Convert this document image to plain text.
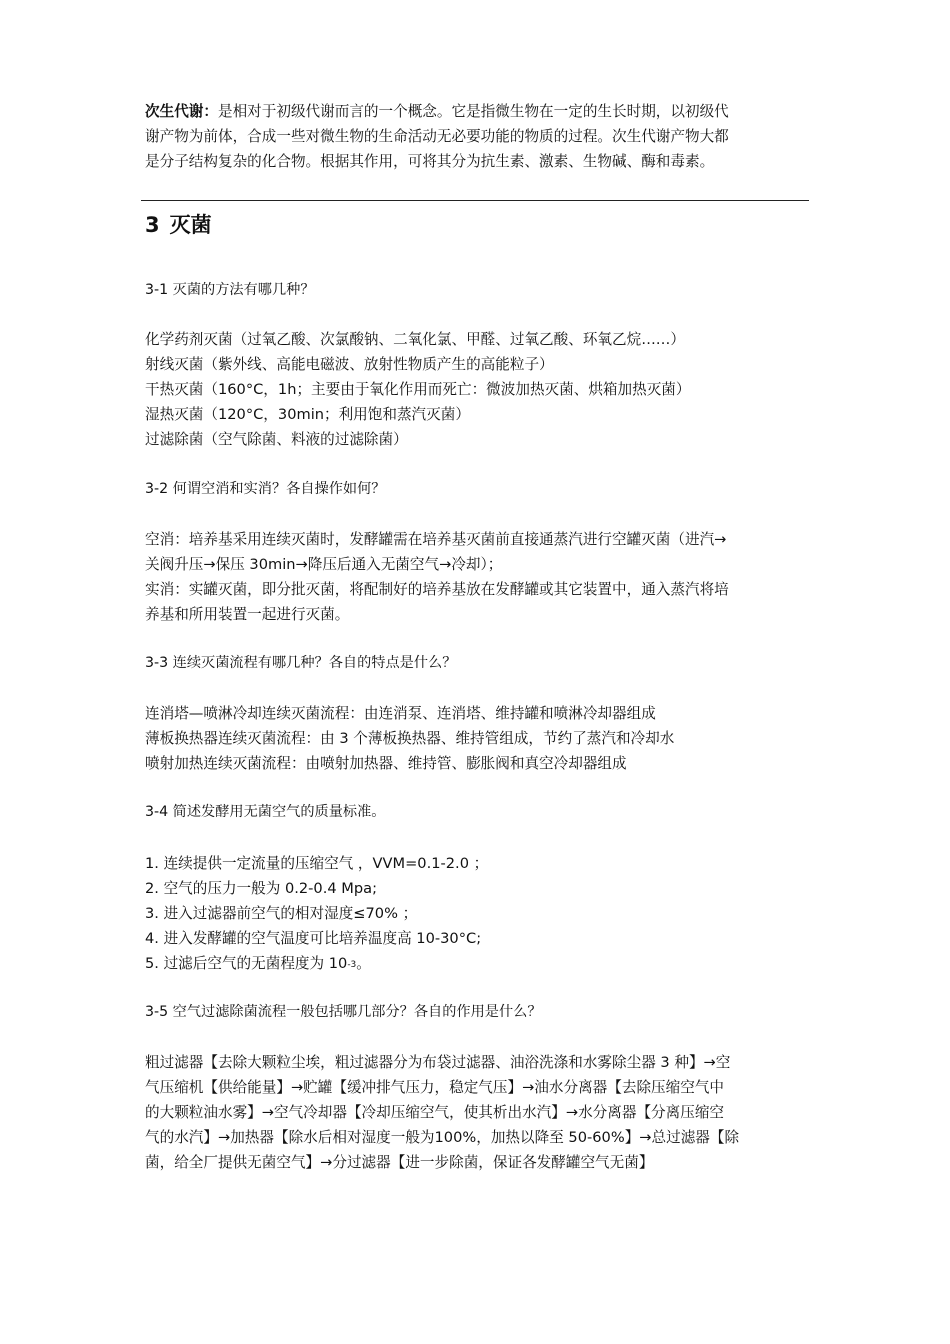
次生代谢：是相对于初级代谢而言的一个概念。它是指微生物在一定的生长时期，以初级代
谢产物为前体，合成一些对微生物的生命活动无必要功能的物质的过程。次生代谢产物大都
是分子结构复杂的化合物。根据其作用，可将其分为抗生素、激素、生物碱、酶和毒素。
3 灭菌
3-1 灭菌的方法有哪几种？
化学药剂灭菌（过氧乙酸、次氯酸钠、二氧化氯、甲醛、过氧乙酸、环氧乙烷……）
射线灭菌（紫外线、高能电磁波、放射性物质产生的高能粒子）
干热灭菌（160°C，1h；主要由于氧化作用而死亡：微波加热灭菌、烘箱加热灭菌）
湿热灭菌（120°C，30min；利用饱和蒸汽灭菌）
过滤除菌（空气除菌、料液的过滤除菌）
3-2 何谓空消和实消？各自操作如何？
空消：培养基采用连续灭菌时，发酵罐需在培养基灭菌前直接通蒸汽进行空罐灭菌（进汽→
关阀升压→保压 30min→降压后通入无菌空气→冷却）；
实消：实罐灭菌，即分批灭菌，将配制好的培养基放在发酵罐或其它装置中，通入蒸汽将培
养基和所用装置一起进行灭菌。
3-3 连续灭菌流程有哪几种？各自的特点是什么？
连消塔—喷淋冷却连续灭菌流程：由连消泵、连消塔、维持罐和喷淋冷却器组成
薄板换热器连续灭菌流程：由 3 个薄板换热器、维持管组成，节约了蒸汽和冷却水
喷射加热连续灭菌流程：由喷射加热器、维持管、膨胀阀和真空冷却器组成
3-4 简述发酵用无菌空气的质量标准。
1. 连续提供一定流量的压缩空气 ，VVM=0.1-2.0 ；
2. 空气的压力一般为 0.2-0.4 Mpa;
3. 进入过滤器前空气的相对湿度≤70% ；
4. 进入发酵罐的空气温度可比培养温度高 10-30°C;
5. 过滤后空气的无菌程度为 10-3。
3-5 空气过滤除菌流程一般包括哪几部分？各自的作用是什么？
粗过滤器【去除大颗粒尘埃，粗过滤器分为布袋过滤器、油浴洗涤和水雾除尘器 3 种】→空
气压缩机【供给能量】→贮罐【缓冲排气压力，稳定气压】→油水分离器【去除压缩空气中
的大颗粒油水雾】→空气冷却器【冷却压缩空气，使其析出水汽】→水分离器【分离压缩空
气的水汽】→加热器【除水后相对湿度一般为100%，加热以降至 50-60%】→总过滤器【除
菌，给全厂提供无菌空气】→分过滤器【进一步除菌，保证各发酵罐空气无菌】
